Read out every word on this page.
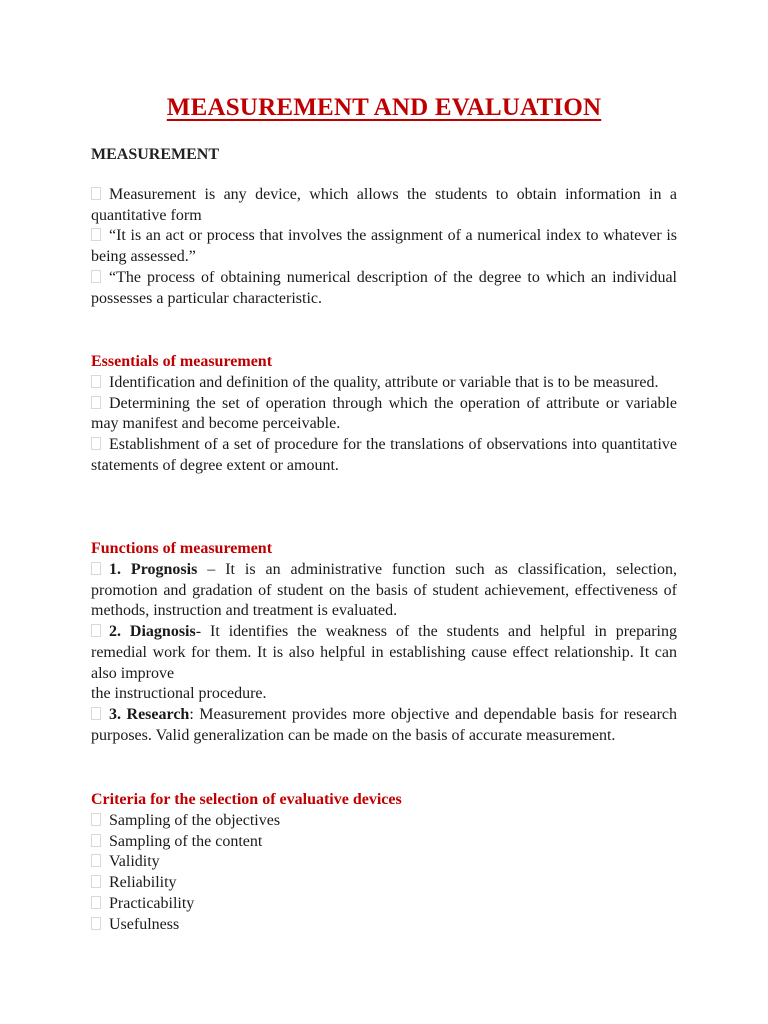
MEASUREMENT AND EVALUATION
MEASUREMENT

Measurement is any device, which allows the students to obtain information in a quantitative form

“It is an act or process that involves the assignment of a numerical index to whatever is being assessed.”

“The process of obtaining numerical description of the degree to which an individual possesses a particular characteristic.

Essentials of measurement

Identification and definition of the quality, attribute or variable that is to be measured.

Determining the set of operation through which the operation of attribute or variable may manifest and become perceivable.

Establishment of a set of procedure for the translations of observations into quantitative statements of degree extent or amount.

Functions of measurement

1. Prognosis – It is an administrative function such as classification, selection, promotion and gradation of student on the basis of student achievement, effectiveness of methods, instruction and treatment is evaluated.

2. Diagnosis- It identifies the weakness of the students and helpful in preparing remedial work for them. It is also helpful in establishing cause effect relationship. It can also improve

the instructional procedure.

3. Research: Measurement provides more objective and dependable basis for research purposes. Valid generalization can be made on the basis of accurate measurement.

Criteria for the selection of evaluative devices

Sampling of the objectives

Sampling of the content

Validity

Reliability

Practicability

Usefulness
